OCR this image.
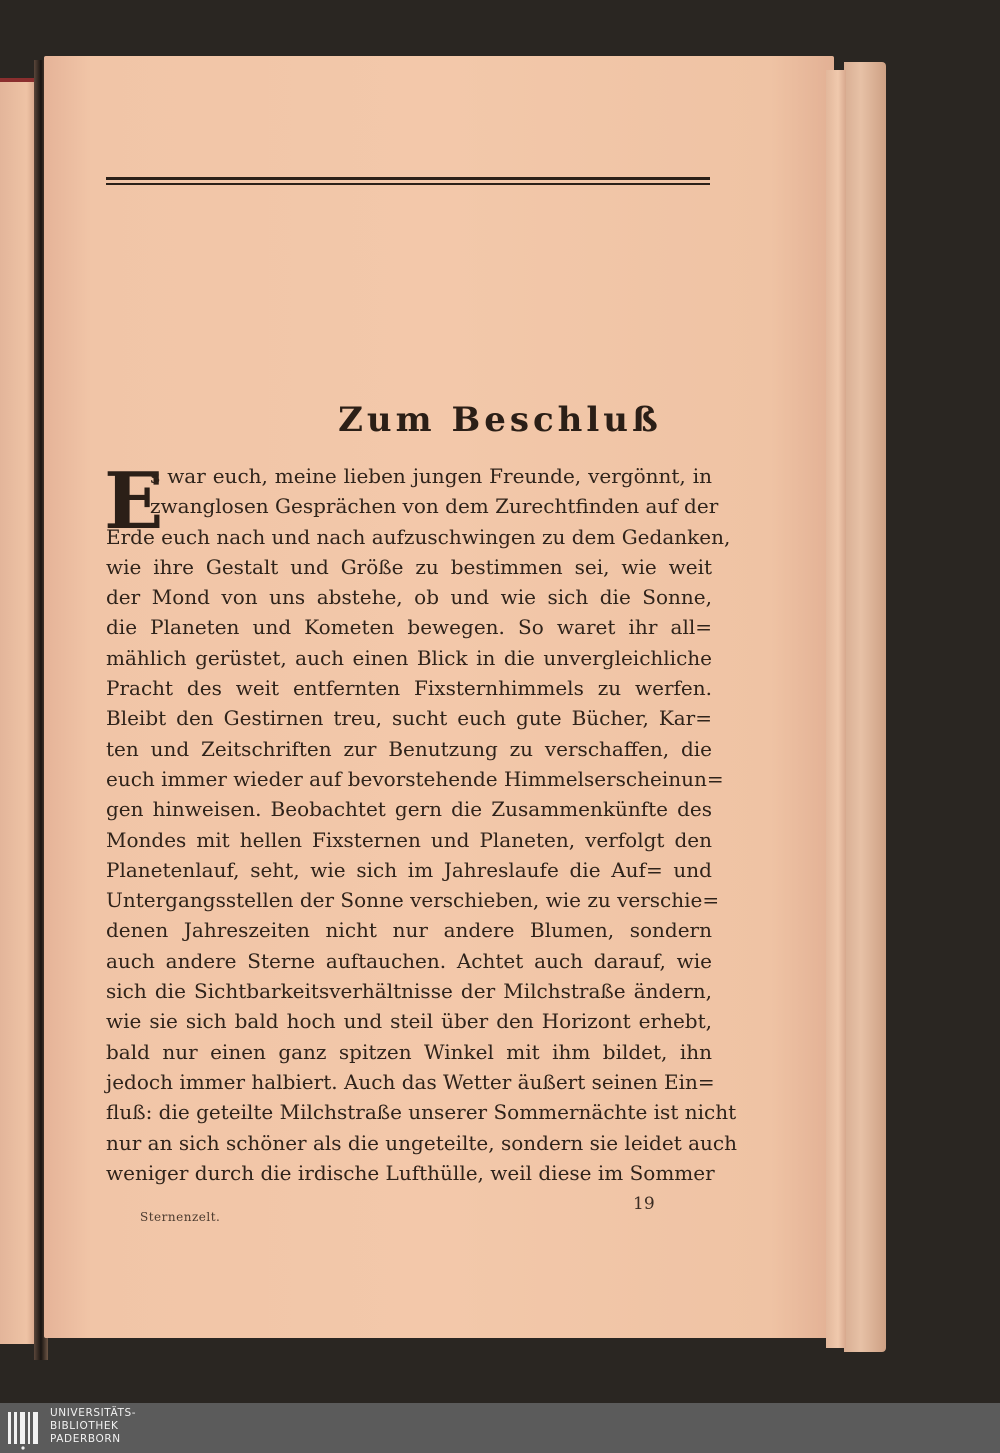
Zum Beschluß
E
s war euch, meine lieben jungen Freunde, vergönnt, in
zwanglosen Gesprächen von dem Zurechtfinden auf der
Erde euch nach und nach aufzuschwingen zu dem Gedanken,
wie ihre Gestalt und Größe zu bestimmen sei, wie weit
der Mond von uns abstehe, ob und wie sich die Sonne,
die Planeten und Kometen bewegen. So waret ihr all=
mählich gerüstet, auch einen Blick in die unvergleichliche
Pracht des weit entfernten Fixsternhimmels zu werfen.
Bleibt den Gestirnen treu, sucht euch gute Bücher, Kar=
ten und Zeitschriften zur Benutzung zu verschaffen, die
euch immer wieder auf bevorstehende Himmelserscheinun=
gen hinweisen. Beobachtet gern die Zusammenkünfte des
Mondes mit hellen Fixsternen und Planeten, verfolgt den
Planetenlauf, seht, wie sich im Jahreslaufe die Auf= und
Untergangsstellen der Sonne verschieben, wie zu verschie=
denen Jahreszeiten nicht nur andere Blumen, sondern
auch andere Sterne auftauchen. Achtet auch darauf, wie
sich die Sichtbarkeitsverhältnisse der Milchstraße ändern,
wie sie sich bald hoch und steil über den Horizont erhebt,
bald nur einen ganz spitzen Winkel mit ihm bildet, ihn
jedoch immer halbiert. Auch das Wetter äußert seinen Ein=
fluß: die geteilte Milchstraße unserer Sommernächte ist nicht
nur an sich schöner als die ungeteilte, sondern sie leidet auch
weniger durch die irdische Lufthülle, weil diese im Sommer
19
Sternenzelt.
UNIVERSITÄTS-
BIBLIOTHEK
PADERBORN
